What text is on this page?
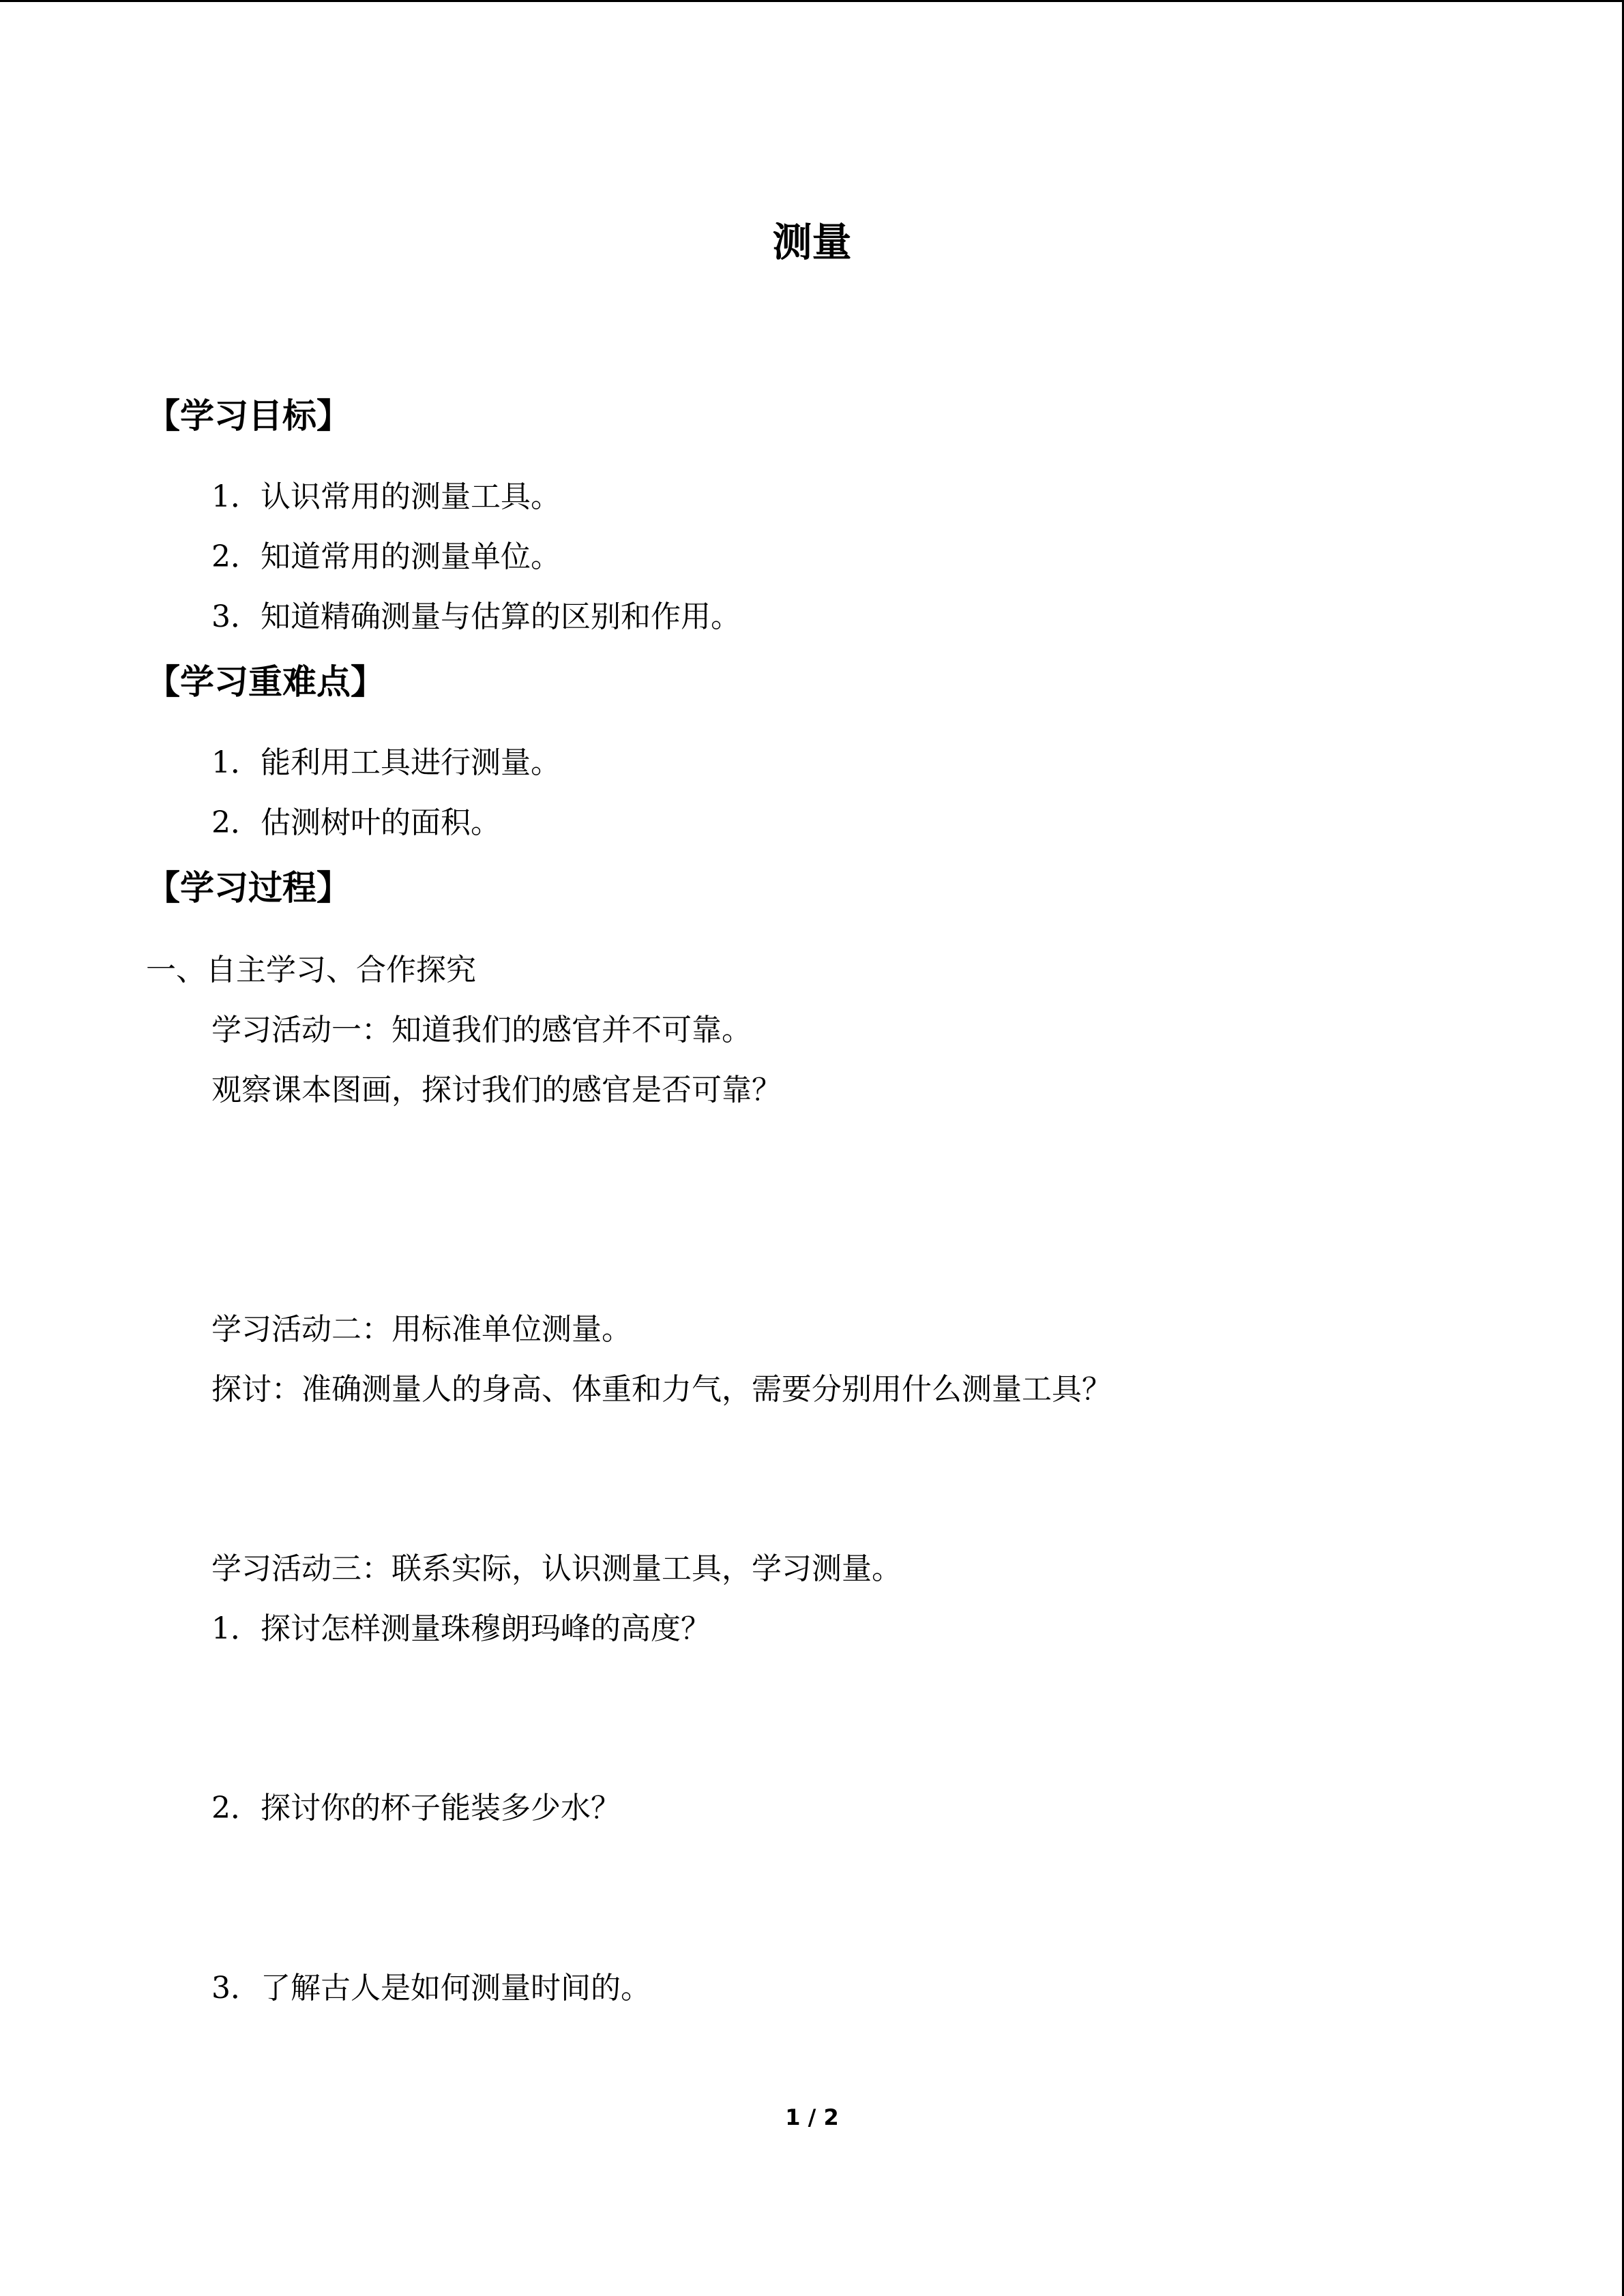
测量
【学习目标】
1．认识常用的测量工具。
2．知道常用的测量单位。
3．知道精确测量与估算的区别和作用。
【学习重难点】
1．能利用工具进行测量。
2．估测树叶的面积。
【学习过程】
一、自主学习、合作探究
学习活动一：知道我们的感官并不可靠。
观察课本图画，探讨我们的感官是否可靠？
学习活动二：用标准单位测量。
探讨：准确测量人的身高、体重和力气，需要分别用什么测量工具？
学习活动三：联系实际，认识测量工具，学习测量。
1．探讨怎样测量珠穆朗玛峰的高度？
2．探讨你的杯子能装多少水？
3．了解古人是如何测量时间的。
1 / 2
